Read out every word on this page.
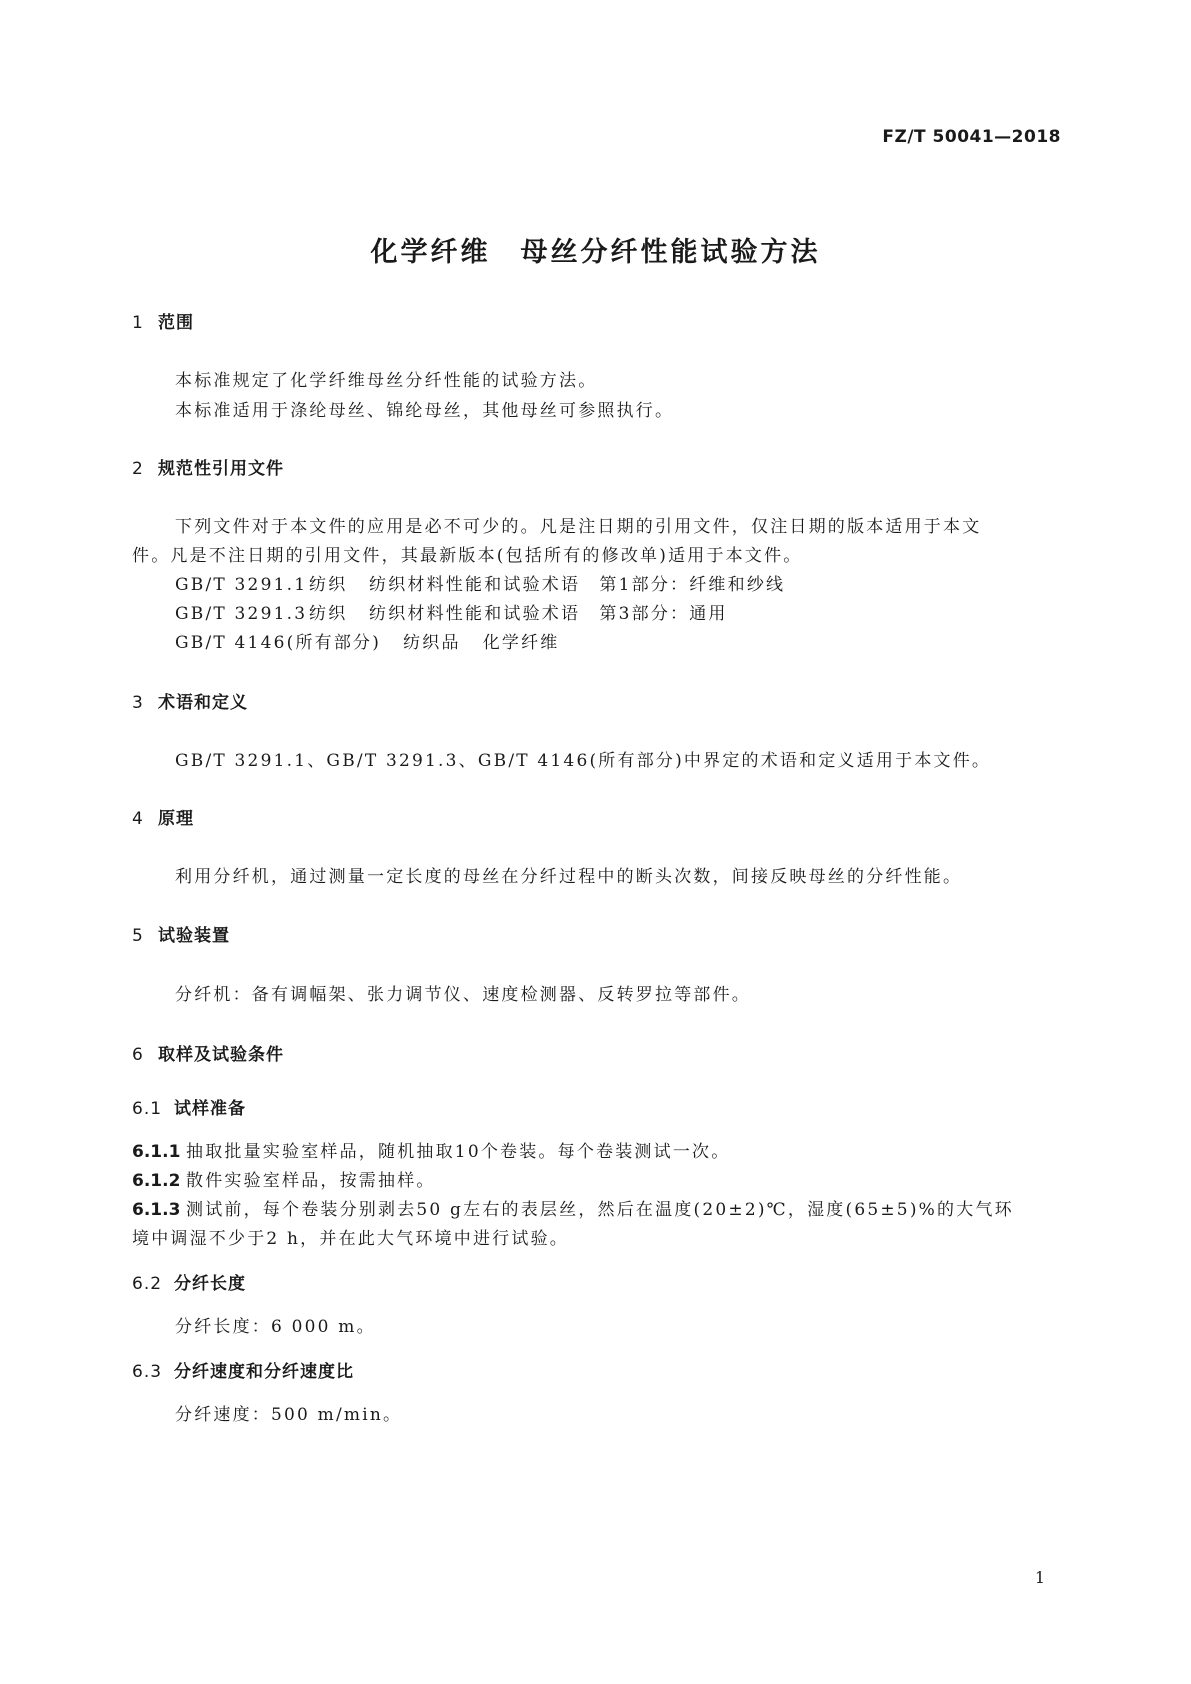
FZ/T 50041—2018
化学纤维　母丝分纤性能试验方法
1 范围
本标准规定了化学纤维母丝分纤性能的试验方法。
本标准适用于涤纶母丝、锦纶母丝，其他母丝可参照执行。
2 规范性引用文件
下列文件对于本文件的应用是必不可少的。凡是注日期的引用文件，仅注日期的版本适用于本文
件。凡是不注日期的引用文件，其最新版本(包括所有的修改单)适用于本文件。
GB/T 3291.1 纺织 纺织材料性能和试验术语　第1部分：纤维和纱线
GB/T 3291.3 纺织 纺织材料性能和试验术语　第3部分：通用
GB/T 4146(所有部分) 纺织品 化学纤维
3 术语和定义
GB/T 3291.1、GB/T 3291.3、GB/T 4146(所有部分)中界定的术语和定义适用于本文件。
4 原理
利用分纤机，通过测量一定长度的母丝在分纤过程中的断头次数，间接反映母丝的分纤性能。
5 试验装置
分纤机：备有调幅架、张力调节仪、速度检测器、反转罗拉等部件。
6 取样及试验条件
6.1 试样准备
6.1.1 抽取批量实验室样品，随机抽取10个卷装。每个卷装测试一次。
6.1.2 散件实验室样品，按需抽样。
6.1.3 测试前，每个卷装分别剥去50 g左右的表层丝，然后在温度(20±2)℃，湿度(65±5)%的大气环
境中调湿不少于2 h，并在此大气环境中进行试验。
6.2 分纤长度
分纤长度：6 000 m。
6.3 分纤速度和分纤速度比
分纤速度：500 m/min。
1
